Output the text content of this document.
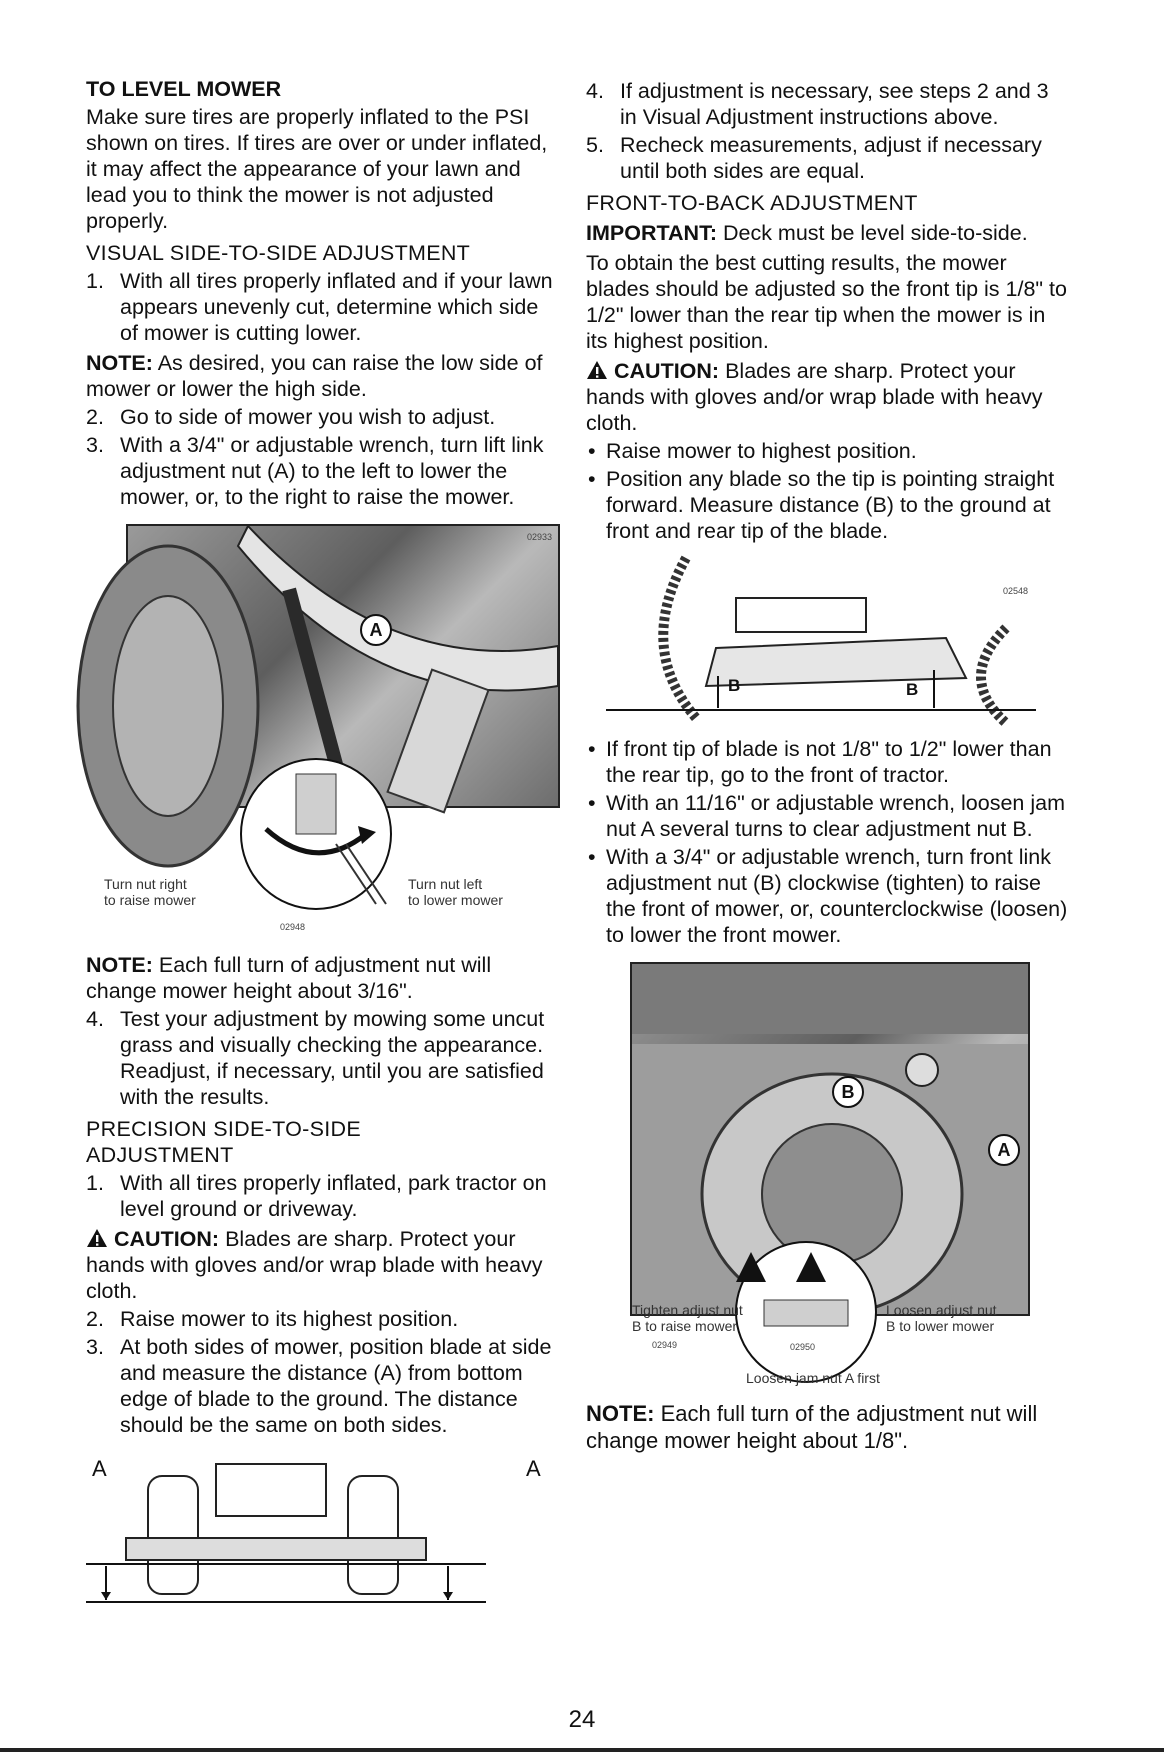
TO LEVEL MOWER

Make sure tires are properly inflated to the PSI shown on tires. If tires are over or under inflated, it may affect the appearance of your lawn and lead you to think the mower is not adjusted properly.

VISUAL SIDE-TO-SIDE ADJUSTMENT
1. With all tires properly inflated and if your lawn appears unevenly cut, determine which side of mower is cutting lower.

NOTE: As desired, you can raise the low side of mower or lower the high side.

2. Go to side of mower you wish to adjust.
3. With a 3/4" or adjustable wrench, turn lift link adjustment nut (A) to the left to lower the mower, or, to the right to raise the mower.
A
02933
Turn nut right
to raise mower
Turn nut left
to lower mower
02948

NOTE: Each full turn of adjustment nut will change mower height about 3/16".

4. Test your adjustment by mowing some uncut grass and visually checking the appearance. Readjust, if necessary, until you are satisfied with the results.
PRECISION SIDE-TO-SIDE
ADJUSTMENT
1. With all tires properly inflated, park tractor on level ground or driveway.

CAUTION: Blades are sharp. Protect your hands with gloves and/or wrap blade with heavy cloth.

2. Raise mower to its highest position.
3. At both sides of mower, position blade at side and measure the distance (A) from bottom edge of blade to the ground. The distance should be the same on both sides.
A	A
4. If adjustment is necessary, see steps 2 and 3 in Visual Adjustment instructions above.
5. Recheck measurements, adjust if necessary until both sides are equal.
FRONT-TO-BACK ADJUSTMENT

IMPORTANT: Deck must be level side-to-side.

To obtain the best cutting results, the mower blades should be adjusted so the front tip is 1/8" to 1/2" lower than the rear tip when the mower is in its highest position.

CAUTION: Blades are sharp. Protect your hands with gloves and/or wrap blade with heavy cloth.

• Raise mower to highest position.
• Position any blade so the tip is pointing straight forward. Measure distance (B) to the ground at front and rear tip of the blade.
02548
B	B
• If front tip of blade is not 1/8" to 1/2" lower than the rear tip, go to the front of tractor.
• With an 11/16" or adjustable wrench, loosen jam nut A several turns to clear adjustment nut B.
• With a 3/4" or adjustable wrench, turn front link adjustment nut (B) clockwise (tighten) to raise the front of mower, or, counterclockwise (loosen) to lower the front mower.
B
A
02949
Tighten adjust nut
B to raise mower
Loosen adjust nut
B to lower mower
02950
Loosen jam nut A first

NOTE: Each full turn of the adjustment nut will change mower height about 1/8".

24
